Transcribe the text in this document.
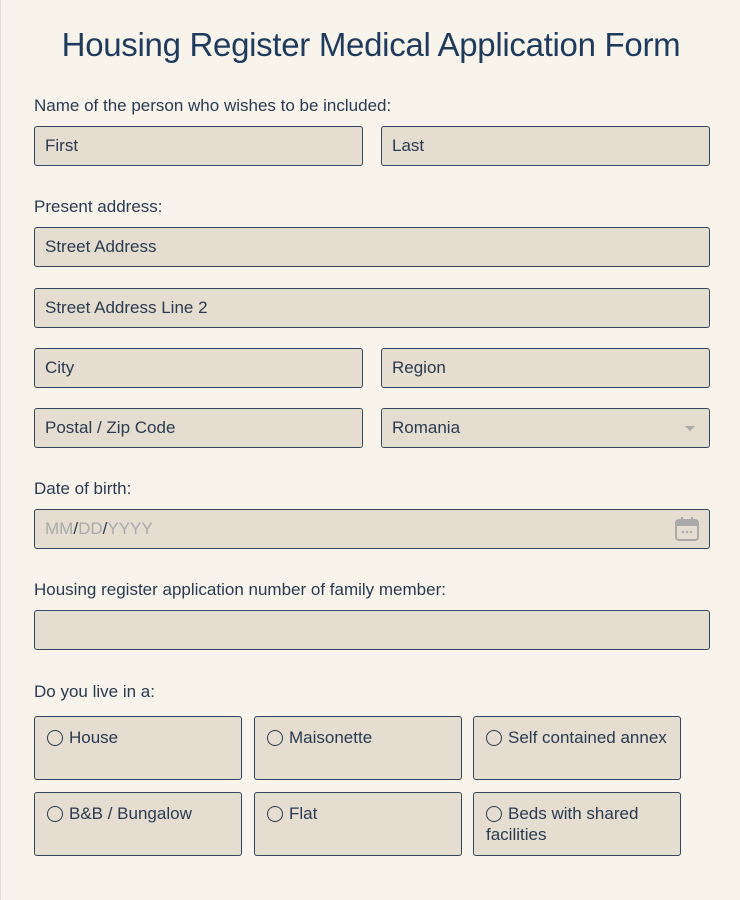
Housing Register Medical Application Form
Name of the person who wishes to be included:
First	Last
Present address:
Street Address
Street Address Line 2
City	Region
Postal / Zip Code	Romania
Date of birth:
MM/DD/YYYY
Housing register application number of family member:
Do you live in a:
House	Maisonette	Self contained annex
B&B / Bungalow	Flat	Beds with shared facilities
